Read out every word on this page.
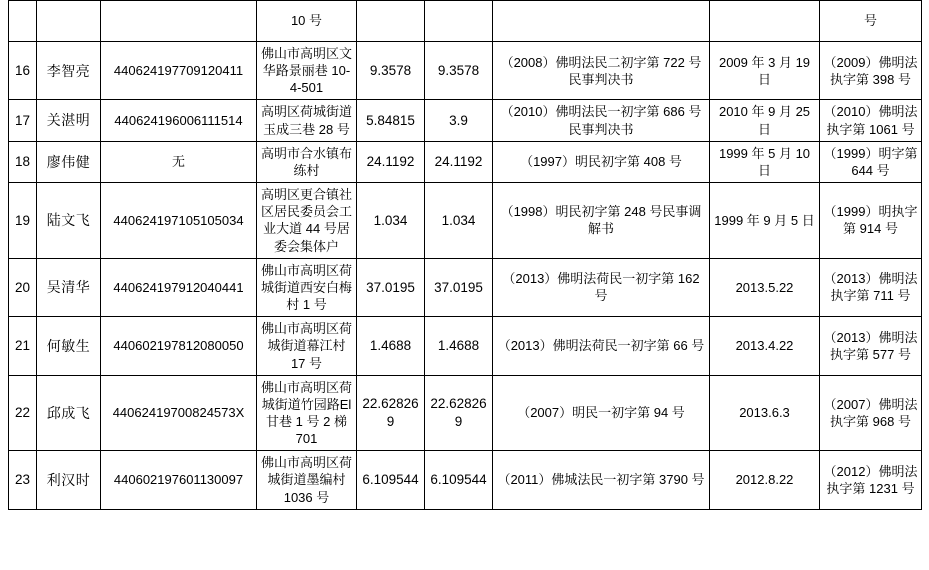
			10 号					号
16	李智亮	440624197709120411	佛山市高明区文华路景丽巷 10-4-501	9.3578	9.3578	（2008）佛明法民二初字第 722 号民事判决书	2009 年 3 月 19 日	（2009）佛明法执字第 398 号
17	关湛明	440624196006111514	高明区荷城街道玉成三巷 28 号	5.84815	3.9	（2010）佛明法民一初字第 686 号民事判决书	2010 年 9 月 25 日	（2010）佛明法执字第 1061 号
18	廖伟健	无	高明市合水镇布练村	24.1192	24.1192	（1997）明民初字第 408 号	1999 年 5 月 10 日	（1999）明字第 644 号
19	陆文飞	440624197105105034	高明区更合镇社区居民委员会工业大道 44 号居委会集体户	1.034	1.034	（1998）明民初字第 248 号民事调解书	1999 年 9 月 5 日	（1999）明执字第 914 号
20	吴清华	440624197912040441	佛山市高明区荷城街道西安白梅村 1 号	37.0195	37.0195	（2013）佛明法荷民一初字第 162 号	2013.5.22	（2013）佛明法执字第 711 号
21	何敏生	440602197812080050	佛山市高明区荷城街道幕江村 17 号	1.4688	1.4688	（2013）佛明法荷民一初字第 66 号	2013.4.22	（2013）佛明法执字第 577 号
22	邱成飞	44062419700824573X	佛山市高明区荷城街道竹园路El甘巷 1 号 2 梯 701	22.628269	22.628269	（2007）明民一初字第 94 号	2013.6.3	（2007）佛明法执字第 968 号
23	利汉时	440602197601130097	佛山市高明区荷城街道墨编村 1036 号	6.109544	6.109544	（2011）佛城法民一初字第 3790 号	2012.8.22	（2012）佛明法执字第 1231 号
